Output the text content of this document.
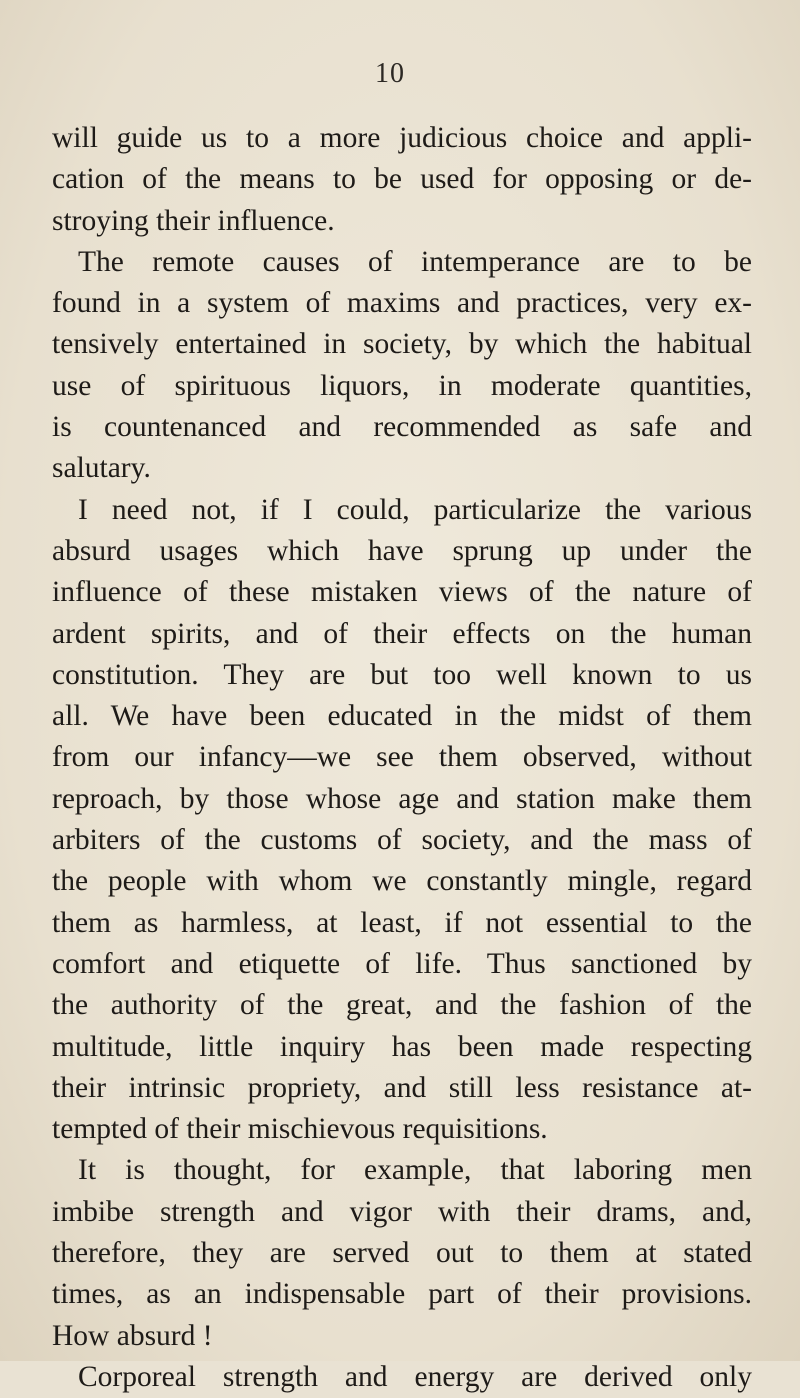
10
will guide us to a more judicious choice and appli-
cation of the means to be used for opposing or de-
stroying their influence.
The remote causes of intemperance are to be
found in a system of maxims and practices, very ex-
tensively entertained in society, by which the habitual
use of spirituous liquors, in moderate quantities,
is countenanced and recommended as safe and
salutary.
I need not, if I could, particularize the various
absurd usages which have sprung up under the
influence of these mistaken views of the nature of
ardent spirits, and of their effects on the human
constitution. They are but too well known to us
all. We have been educated in the midst of them
from our infancy—we see them observed, without
reproach, by those whose age and station make them
arbiters of the customs of society, and the mass of
the people with whom we constantly mingle, regard
them as harmless, at least, if not essential to the
comfort and etiquette of life. Thus sanctioned by
the authority of the great, and the fashion of the
multitude, little inquiry has been made respecting
their intrinsic propriety, and still less resistance at-
tempted of their mischievous requisitions.
It is thought, for example, that laboring men
imbibe strength and vigor with their drams, and,
therefore, they are served out to them at stated
times, as an indispensable part of their provisions.
How absurd !
Corporeal strength and energy are derived only
